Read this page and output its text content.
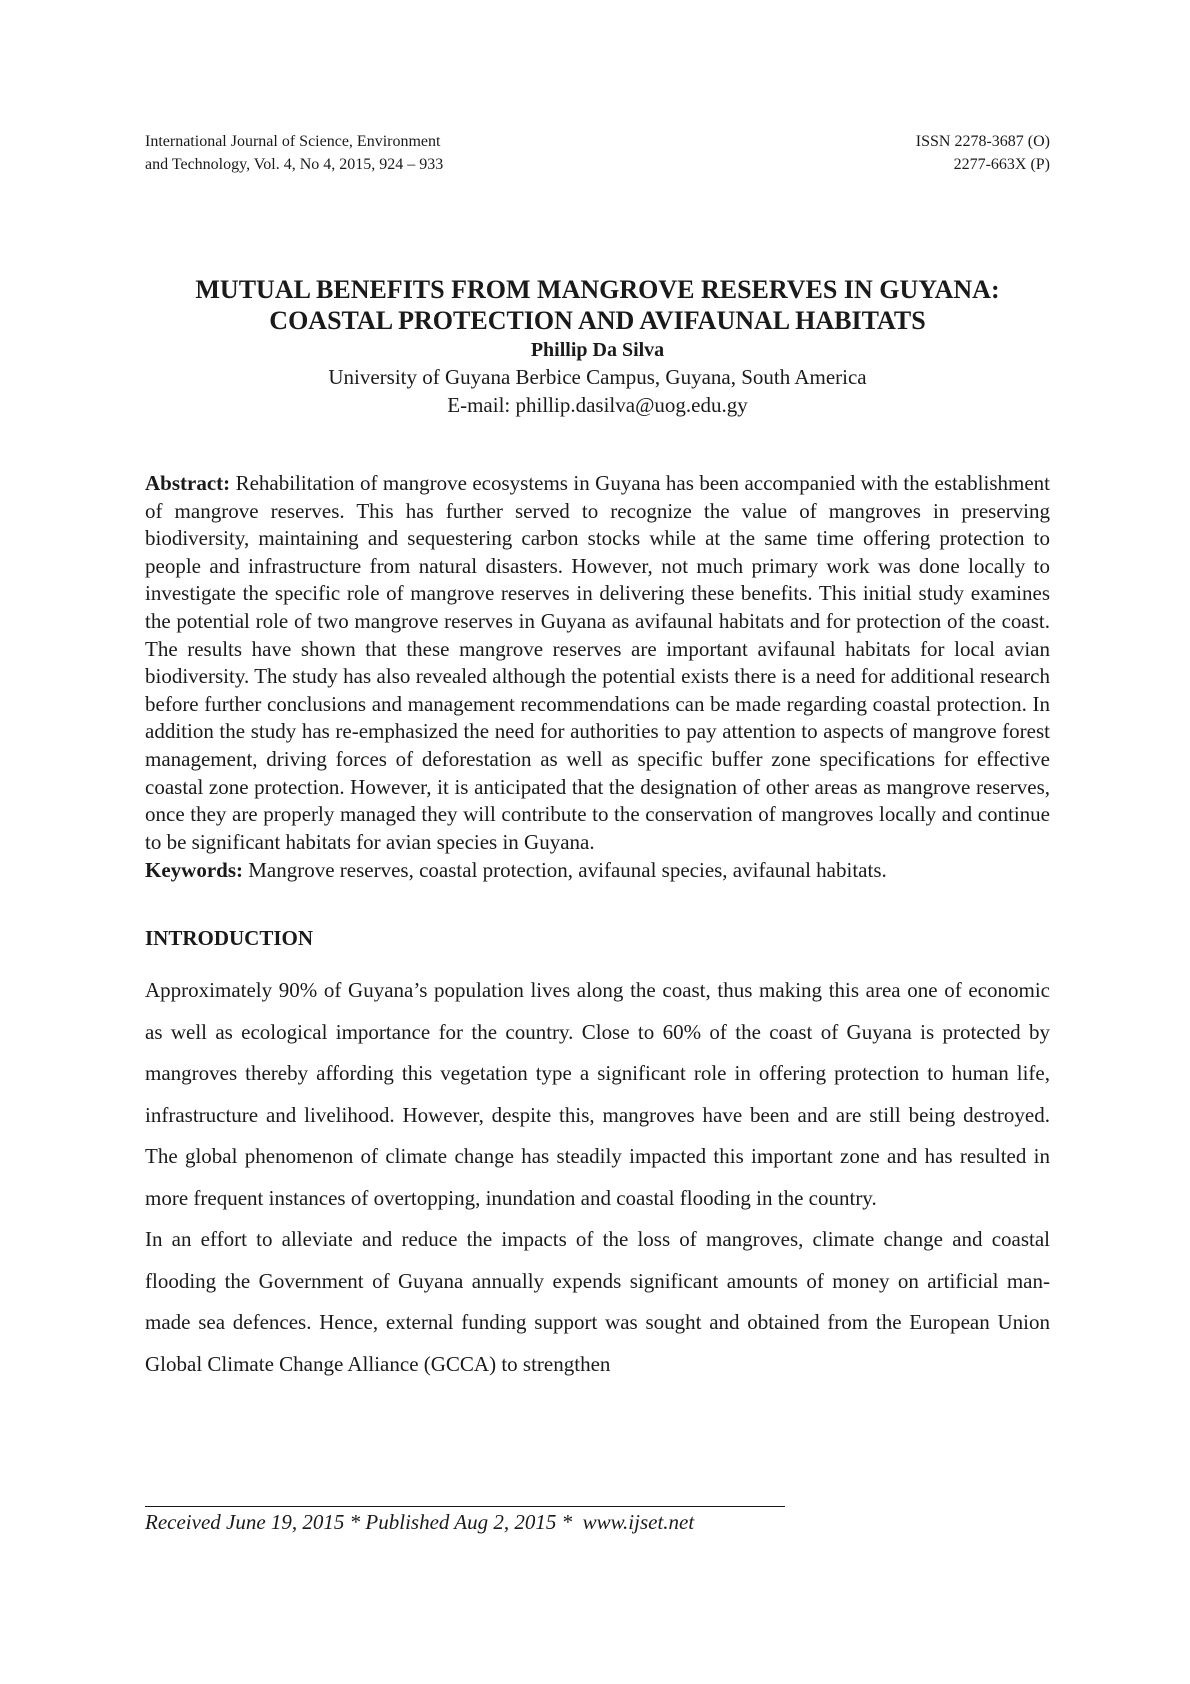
International Journal of Science, Environment
and Technology, Vol. 4, No 4, 2015, 924 – 933
ISSN 2278-3687 (O)
2277-663X (P)
MUTUAL BENEFITS FROM MANGROVE RESERVES IN GUYANA:
COASTAL PROTECTION AND AVIFAUNAL HABITATS
Phillip Da Silva
University of Guyana Berbice Campus, Guyana, South America
E-mail: phillip.dasilva@uog.edu.gy
Abstract: Rehabilitation of mangrove ecosystems in Guyana has been accompanied with the establishment of mangrove reserves. This has further served to recognize the value of mangroves in preserving biodiversity, maintaining and sequestering carbon stocks while at the same time offering protection to people and infrastructure from natural disasters. However, not much primary work was done locally to investigate the specific role of mangrove reserves in delivering these benefits. This initial study examines the potential role of two mangrove reserves in Guyana as avifaunal habitats and for protection of the coast. The results have shown that these mangrove reserves are important avifaunal habitats for local avian biodiversity. The study has also revealed although the potential exists there is a need for additional research before further conclusions and management recommendations can be made regarding coastal protection. In addition the study has re-emphasized the need for authorities to pay attention to aspects of mangrove forest management, driving forces of deforestation as well as specific buffer zone specifications for effective coastal zone protection. However, it is anticipated that the designation of other areas as mangrove reserves, once they are properly managed they will contribute to the conservation of mangroves locally and continue to be significant habitats for avian species in Guyana.
Keywords: Mangrove reserves, coastal protection, avifaunal species, avifaunal habitats.
INTRODUCTION

Approximately 90% of Guyana’s population lives along the coast, thus making this area one of economic as well as ecological importance for the country. Close to 60% of the coast of Guyana is protected by mangroves thereby affording this vegetation type a significant role in offering protection to human life, infrastructure and livelihood. However, despite this, mangroves have been and are still being destroyed. The global phenomenon of climate change has steadily impacted this important zone and has resulted in more frequent instances of overtopping, inundation and coastal flooding in the country.

In an effort to alleviate and reduce the impacts of the loss of mangroves, climate change and coastal flooding the Government of Guyana annually expends significant amounts of money on artificial man-made sea defences. Hence, external funding support was sought and obtained from the European Union Global Climate Change Alliance (GCCA) to strengthen

Received June 19, 2015 * Published Aug 2, 2015 *  www.ijset.net
